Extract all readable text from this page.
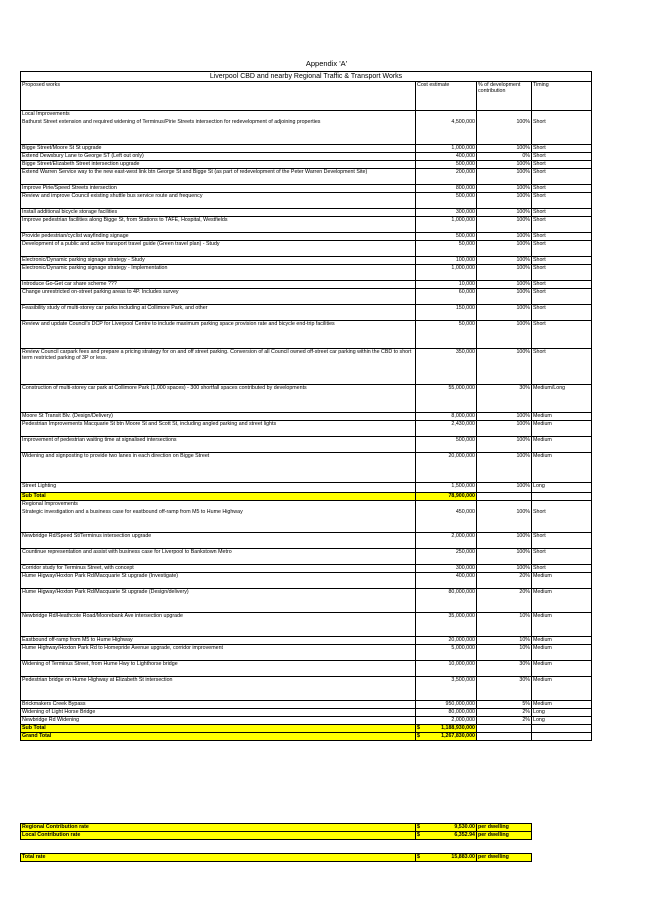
Appendix 'A'
Liverpool CBD and nearby Regional Traffic & Transport Works			
Proposed works	Cost estimate	% of development contribution	Timing
Local Improvements			
Bathurst Street extension and required widening of Terminus/Pirie Streets intersection for redevelopment of adjoining properties	4,500,000	100%	Short
Bigge Street/Moore St St upgrade	1,000,000	100%	Short
Extend Dewsbury Lane to George ST (Left out only)	400,000	0%	Short
Bigge Street/Elizabeth Street intersection upgrade	500,000	100%	Short
Extend Warren Service way to the new east-west link btn George St and Bigge St (as part of redevelopment of the Peter Warren Development Site)	200,000	100%	Short
Improve Pirie/Speed Streets intersection	800,000	100%	Short
Review and improve Council existing shuttle bus service route and frequency	500,000	100%	Short
Install additional bicycle storage facilities	300,000	100%	Short
Improve pedestrian facilities along Bigge St, from Stations to TAFE, Hospital, Westfields	1,000,000	100%	Short
Provide pedestrian/cyclist wayfinding signage	500,000	100%	Short
Development of a public and active transport travel guide (Green travel plan) - Study	50,000	100%	Short
Electronic/Dynamic parking signage strategy - Study	100,000	100%	Short
Electronic/Dynamic parking signage strategy - Implementation	1,000,000	100%	Short
Introduce Go-Get car share scheme ???	10,000	100%	Short
Change unrestricted on-street parking areas to 4P. Includes survey	60,000	100%	Short
Feasibility study of multi-storey car parks including at Collimore Park, and other	150,000	100%	Short
Review and update Council's DCP for Liverpool Centre to include maximum parking space provision rate and bicycle end-trip facilities	50,000	100%	Short
Review Council carpark fees and prepare a pricing strategy for on and off street parking. Conversion of all Council owned off-street car parking within the CBD to short term restricted parking of 3P or less.	350,000	100%	Short
Construction of multi-storey car park at Collimore Park (1,000 spaces) - 300 shortfall spaces contributed by developments	55,000,000	30%	Medium/Long
Moore St Transit Blv. (Design/Delivery)	8,000,000	100%	Medium
Pedestrian Improvements Macquarie St btn Moore St and Scott St, including angled parking and street lights	2,430,000	100%	Medium
Improvement of pedestrian waiting time at signalised intersections	500,000	100%	Medium
Widening and signposting to provide two lanes in each direction on Bigge Street	20,000,000	100%	Medium
Street Lighting	1,500,000	100%	Long
Sub Total	78,900,000		
Regional Improvements			
Strategic investigation and a business case for eastbound off-ramp from M5 to Hume Highway	450,000	100%	Short
Newbridge Rd/Speed St/Terminus intersection upgrade	2,000,000	100%	Short
Countinue representation and assist with business case for Liverpool to Bankstown Metro	250,000	100%	Short
Corridor study for Terminus Street, with concept	300,000	100%	Short
Hume Higway/Hoxton Park Rd/Macquarie St upgrade (Investigate)	400,000	20%	Medium
Hume Higway/Hoxton Park Rd/Macquarie St upgrade (Design/delivery)	80,000,000	20%	Medium
Newbridge Rd/Heathcote Road/Moorebank Ave intersection upgrade	35,000,000	10%	Medium
Eastbound off-ramp from M5 to Hume Highway	20,000,000	10%	Medium
Hume Highway/Hoxton Park Rd to Homepride Avenue upgrade, corridor improvement	5,000,000	10%	Medium
Widening of Terminus Street, from Hume Hwy to Lighthorse bridge	10,000,000	30%	Medium
Pedestrian bridge on Hume Highway at Elizabeth St intersection	3,500,000	30%	Medium
Brickmakers Creek Bypass	950,000,000	5%	Medium
Widening of Light Horse Bridge	80,000,000	2%	Long
Newbridge Rd Widening	2,000,000	2%	Long
Sub Total	$ 1,188,930,000		

Grand Total	$ 1,267,830,000		

Regional Contribution rate	$ 9,530.00	per dwelling
Local Contribution rate	$ 6,352.94	per dwelling
Total rate	$	15,883.00	per dwelling
